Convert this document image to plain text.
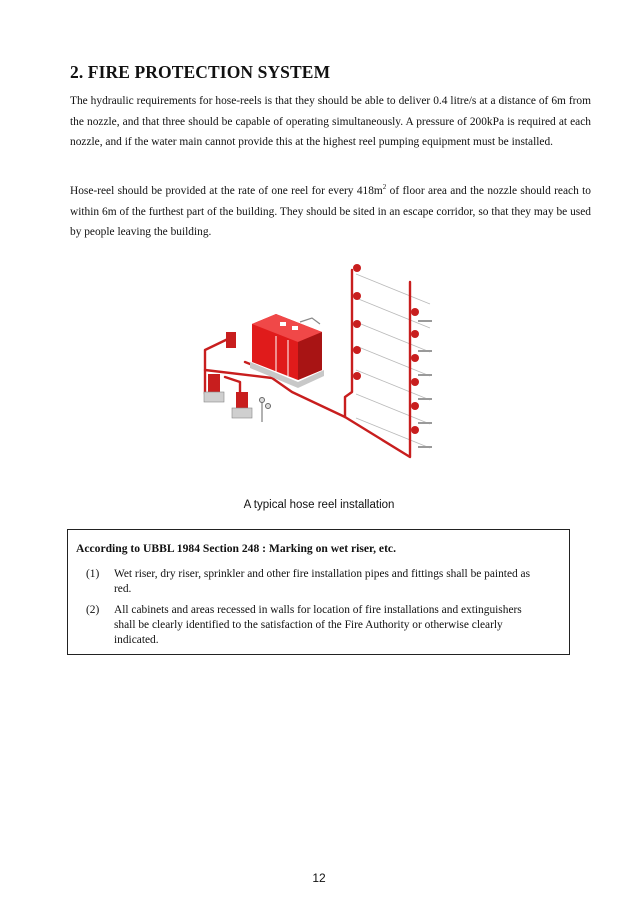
2. FIRE PROTECTION SYSTEM

The hydraulic requirements for hose-reels is that they should be able to deliver 0.4 litre/s at a distance of 6m from the nozzle, and that three should be capable of operating simultaneously. A pressure of 200kPa is required at each nozzle, and if the water main cannot provide this at the highest reel pumping equipment must be installed.

Hose-reel should be provided at the rate of one reel for every $418m^2$ of floor area and the nozzle should reach to within 6m of the furthest part of the building. They should be sited in an escape corridor, so that they may be used by people leaving the building.

A typical hose reel installation

According to UBBL 1984 Section 248 : Marking on wet riser, etc.

(1)	Wet riser, dry riser, sprinkler and other fire installation pipes and fittings shall be painted as red.
(2)	All cabinets and areas recessed in walls for location of fire installations and extinguishers shall be clearly identified to the satisfaction of the Fire Authority or otherwise clearly indicated.
12
